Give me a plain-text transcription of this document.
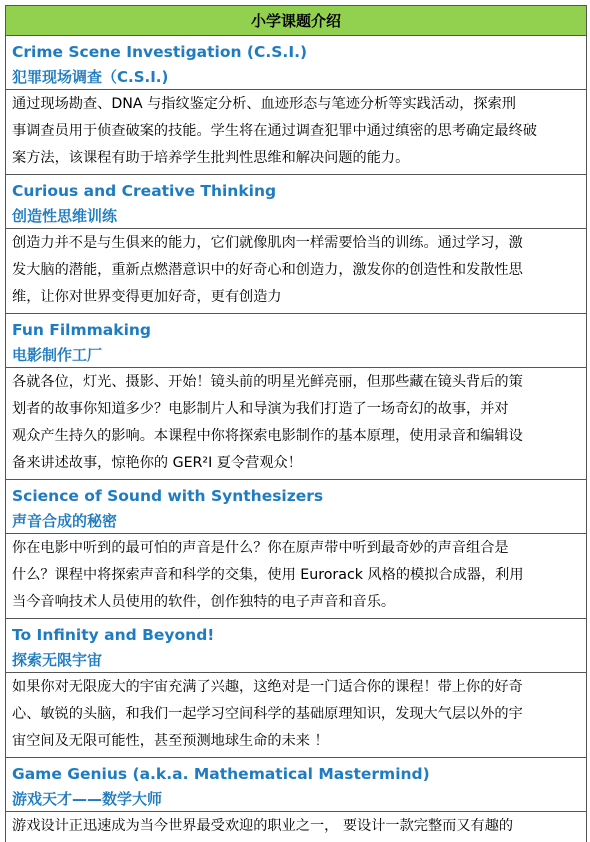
小学课题介绍
Crime Scene Investigation (C.S.I.)
犯罪现场调查（C.S.I.)
通过现场勘查、DNA 与指纹鉴定分析、血迹形态与笔迹分析等实践活动，探索刑
事调查员用于侦查破案的技能。学生将在通过调查犯罪中通过缜密的思考确定最终破
案方法，该课程有助于培养学生批判性思维和解决问题的能力。
Curious and Creative Thinking
创造性思维训练
创造力并不是与生俱来的能力，它们就像肌肉一样需要恰当的训练。通过学习，激
发大脑的潜能，重新点燃潜意识中的好奇心和创造力，激发你的创造性和发散性思
维，让你对世界变得更加好奇，更有创造力
Fun Filmmaking
电影制作工厂
各就各位，灯光、摄影、开始！镜头前的明星光鲜亮丽，但那些藏在镜头背后的策
划者的故事你知道多少？电影制片人和导演为我们打造了一场奇幻的故事，并对
观众产生持久的影响。本课程中你将探索电影制作的基本原理，使用录音和编辑设
备来讲述故事，惊艳你的 GER²I 夏令营观众！
Science of Sound with Synthesizers
声音合成的秘密
你在电影中听到的最可怕的声音是什么？你在原声带中听到最奇妙的声音组合是
什么？课程中将探索声音和科学的交集，使用 Eurorack 风格的模拟合成器，利用
当今音响技术人员使用的软件，创作独特的电子声音和音乐。
To Infinity and Beyond!
探索无限宇宙
如果你对无限庞大的宇宙充满了兴趣，这绝对是一门适合你的课程！带上你的好奇
心、敏锐的头脑，和我们一起学习空间科学的基础原理知识，发现大气层以外的宇
宙空间及无限可能性，甚至预测地球生命的未来 ！
Game Genius (a.k.a. Mathematical Mastermind)
游戏天才——数学大师
游戏设计正迅速成为当今世界最受欢迎的职业之一， 要设计一款完整而又有趣的
